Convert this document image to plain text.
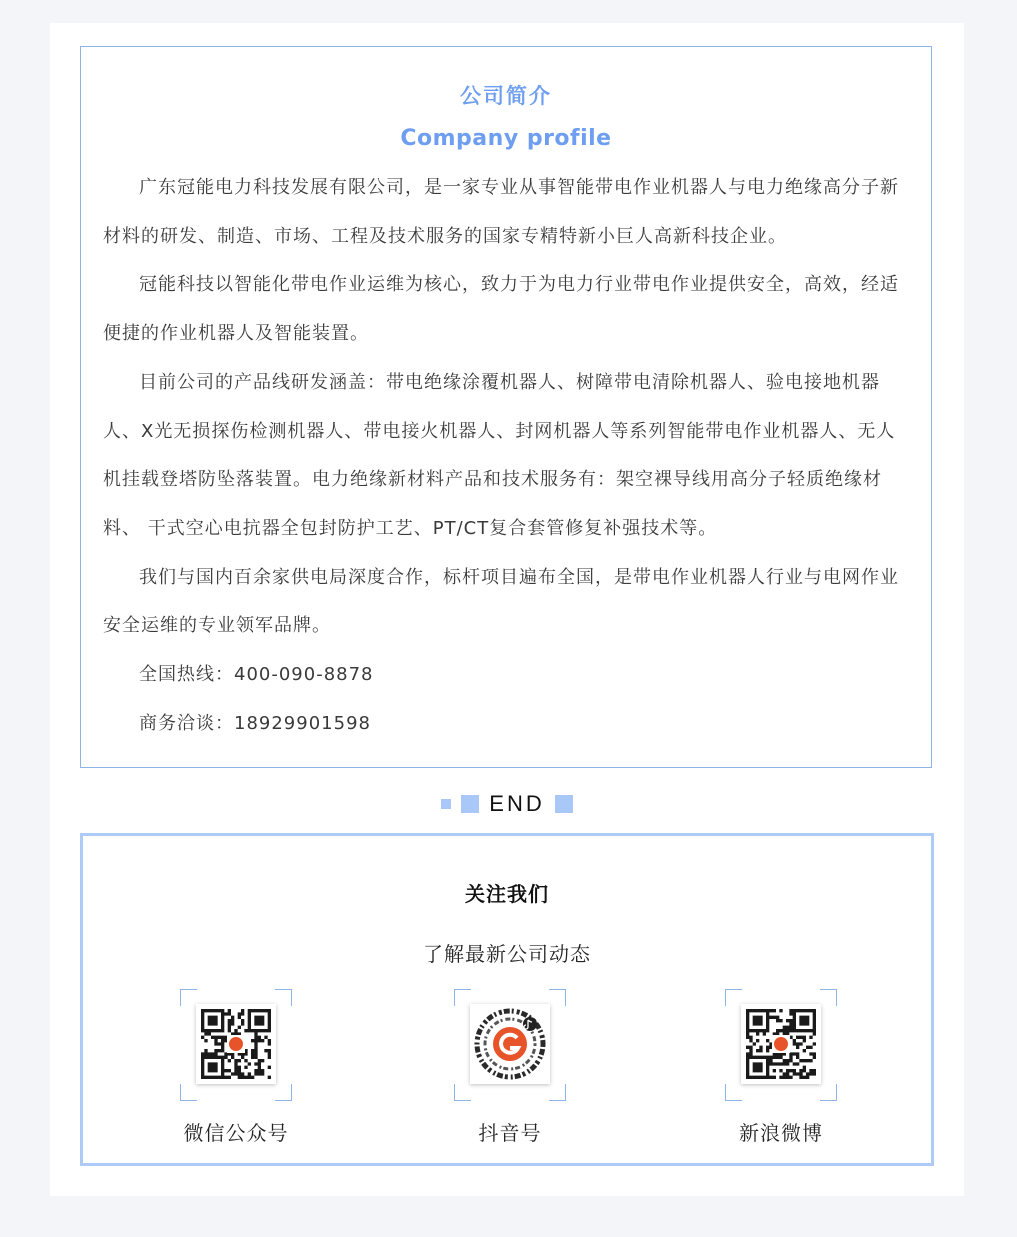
公司简介
Company profile

广东冠能电力科技发展有限公司，是一家专业从事智能带电作业机器人与电力绝缘高分子新材料的研发、制造、市场、工程及技术服务的国家专精特新小巨人高新科技企业。

冠能科技以智能化带电作业运维为核心，致力于为电力行业带电作业提供安全，高效，经适便捷的作业机器人及智能装置。

目前公司的产品线研发涵盖：带电绝缘涂覆机器人、树障带电清除机器人、验电接地机器人、X光无损探伤检测机器人、带电接火机器人、封网机器人等系列智能带电作业机器人、无人机挂载登塔防坠落装置。电力绝缘新材料产品和技术服务有：架空裸导线用高分子轻质绝缘材料、 干式空心电抗器全包封防护工艺、PT/CT复合套管修复补强技术等。

我们与国内百余家供电局深度合作，标杆项目遍布全国，是带电作业机器人行业与电网作业安全运维的专业领军品牌。

全国热线：400-090-8878

商务洽谈：18929901598

END
关注我们
了解最新公司动态
微信公众号	抖音号	新浪微博
